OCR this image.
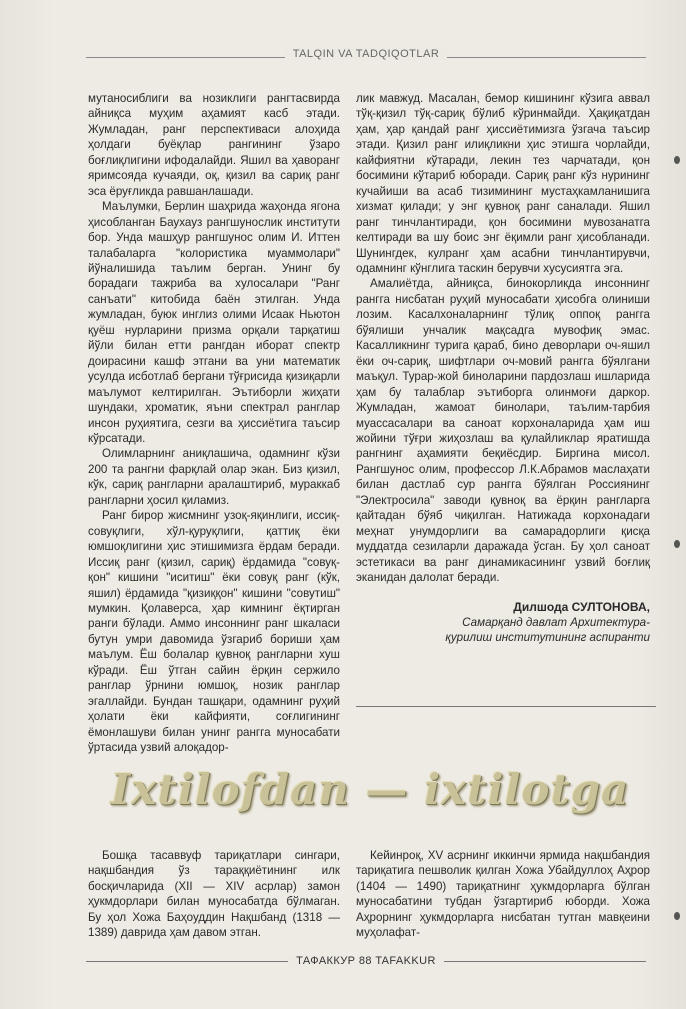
TALQIN VA TADQIQOTLAR

мутаносиблиги ва нозиклиги рангтасвирда айниқса муҳим аҳамият касб этади. Жумладан, ранг перспективаси алоҳида ҳолдаги буёқлар рангининг ўзаро боғлиқлигини ифодалайди. Яшил ва ҳаворанг яримсояда кучаяди, оқ, қизил ва сариқ ранг эса ёруғликда равшанлашади.

Маълумки, Берлин шаҳрида жаҳонда ягона ҳисобланган Баухауз рангшунослик институти бор. Унда машҳур рангшунос олим И. Иттен талабаларга "колористика муаммолари" йўналишида таълим берган. Унинг бу борадаги тажриба ва хулосалари "Ранг санъати" китобида баён этилган. Унда жумладан, буюк инглиз олими Исаак Ньютон қуёш нурларини призма орқали тарқатиш йўли билан етти рангдан иборат спектр доирасини кашф этгани ва уни математик усулда исботлаб бергани тўғрисида қизиқарли маълумот келтирилган. Эътиборли жиҳати шундаки, хроматик, яъни спектрал ранглар инсон руҳиятига, сезги ва ҳиссиётига таъсир кўрсатади.

Олимларнинг аниқлашича, одамнинг кўзи 200 та рангни фарқлай олар экан. Биз қизил, кўк, сариқ рангларни аралаштириб, мураккаб рангларни ҳосил қиламиз.

Ранг бирор жисмнинг узоқ-яқинлиги, иссиқ-совуқлиги, хўл-қуруқлиги, қаттиқ ёки юмшоқлигини ҳис этишимизга ёрдам беради. Иссиқ ранг (қизил, сариқ) ёрдамида "совуқ-қон" кишини "иситиш" ёки совуқ ранг (кўк, яшил) ёрдамида "қизиққон" кишини "совутиш" мумкин. Қолаверса, ҳар кимнинг ёқтирган ранги бўлади. Аммо инсоннинг ранг шкаласи бутун умри давомида ўзгариб бориши ҳам маълум. Ёш болалар қувноқ рангларни хуш кўради. Ёш ўтган сайин ёрқин сержило ранглар ўрнини юмшоқ, нозик ранглар эгаллайди. Бундан ташқари, одамнинг руҳий ҳолати ёки кайфияти, соғлигининг ёмонлашуви билан унинг рангга муносабати ўртасида узвий алоқадор-

лик мавжуд. Масалан, бемор кишининг кўзига аввал тўқ-қизил тўқ-сариқ бўлиб кўринмайди. Ҳақиқатдан ҳам, ҳар қандай ранг ҳиссиётимизга ўзгача таъсир этади. Қизил ранг илиқликни ҳис этишга чорлайди, кайфиятни кўтаради, лекин тез чарчатади, қон босимини кўтариб юборади. Сариқ ранг кўз нурининг кучайиши ва асаб тизимининг мустаҳкамланишига хизмат қилади; у энг қувноқ ранг саналади. Яшил ранг тинчлантиради, қон босимини мувозанатга келтиради ва шу боис энг ёқимли ранг ҳисобланади. Шунингдек, кулранг ҳам асабни тинчлантирувчи, одамнинг кўнглига таскин берувчи хусусиятга эга.

Амалиётда, айниқса, бинокорликда инсоннинг рангга нисбатан руҳий муносабати ҳисобга олиниши лозим. Касалхоналарнинг тўлиқ оппоқ рангга бўялиши унчалик мақсадга мувофиқ эмас. Касалликнинг турига қараб, бино деворлари оч-яшил ёки оч-сариқ, шифтлари оч-мовий рангга бўялгани маъқул. Турар-жой биноларини пардозлаш ишларида ҳам бу талаблар эътиборга олинмоғи даркор. Жумладан, жамоат бинолари, таълим-тарбия муассасалари ва саноат корхоналарида ҳам иш жойини тўғри жиҳозлаш ва қулайликлар яратишда рангнинг аҳамияти беқиёсдир. Биргина мисол. Рангшунос олим, профессор Л.К.Абрамов маслаҳати билан дастлаб сур рангга бўялган Россиянинг "Электросила" заводи қувноқ ва ёрқин рангларга қайтадан бўяб чиқилган. Натижада корхонадаги меҳнат унумдорлиги ва самарадорлиги қисқа муддатда сезиларли даражада ўсган. Бу ҳол саноат эстетикаси ва ранг динамикасининг узвий боғлиқ эканидан далолат беради.

Дилшода СУЛТОНОВА,
Самарқанд давлат Архитектура-
қурилиш институтининг аспиранти
Ixtilofdan — ixtilotga

Бошқа тасаввуф тариқатлари сингари, нақшбандия ўз тараққиётининг илк босқичларида (XII — XIV асрлар) замон ҳукмдорлари билан муносабатда бўлмаган. Бу ҳол Хожа Баҳоуддин Нақшбанд (1318 — 1389) даврида ҳам давом этган.

Кейинроқ, XV асрнинг иккинчи ярмида нақшбандия тариқатига пешволик қилган Хожа Убайдуллоҳ Аҳрор (1404 — 1490) тариқатнинг ҳукмдорларга бўлган муносабатини тубдан ўзгартириб юборди. Хожа Аҳрорнинг ҳукмдорларга нисбатан тутган мавқеини муҳолафат-

ТАФАККУР 88 TAFAKKUR
